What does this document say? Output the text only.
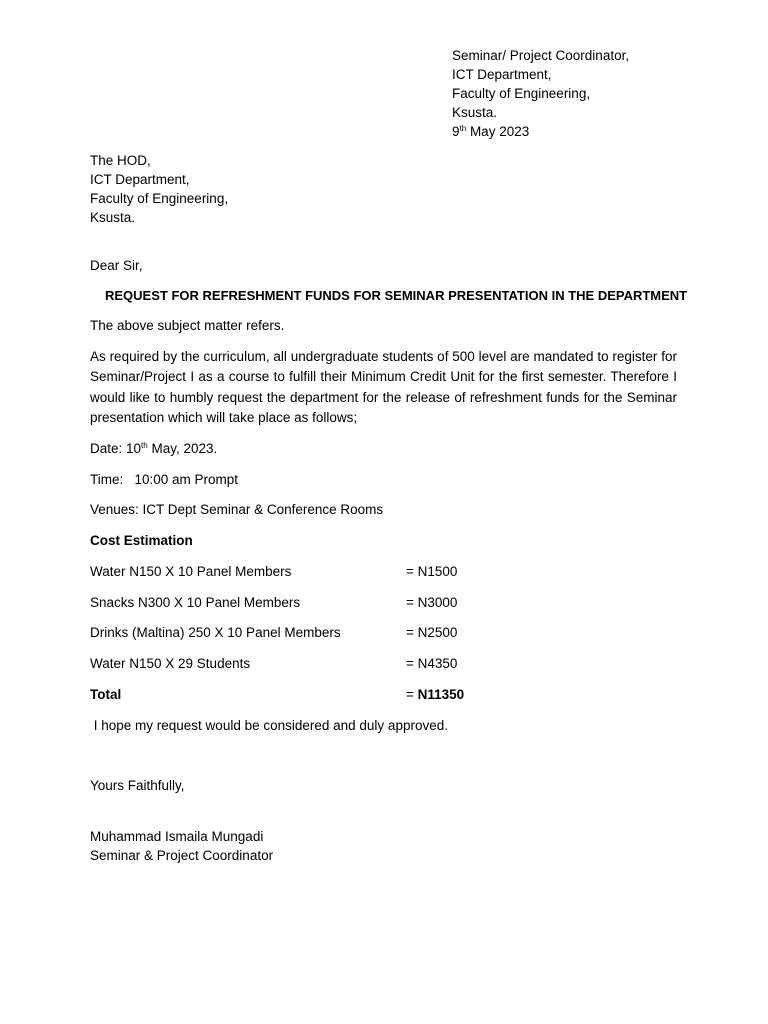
Seminar/ Project Coordinator,
ICT Department,
Faculty of Engineering,
Ksusta.
9th May 2023
The HOD,
ICT Department,
Faculty of Engineering,
Ksusta.
Dear Sir,
REQUEST FOR REFRESHMENT FUNDS FOR SEMINAR PRESENTATION IN THE DEPARTMENT
The above subject matter refers.
As required by the curriculum, all undergraduate students of 500 level are mandated to register for Seminar/Project I as a course to fulfill their Minimum Credit Unit for the first semester. Therefore I would like to humbly request the department for the release of refreshment funds for the Seminar presentation which will take place as follows;
Date: 10th May, 2023.
Time:   10:00 am Prompt
Venues: ICT Dept Seminar & Conference Rooms
Cost Estimation
Water N150 X 10 Panel Members	= N1500
Snacks N300 X 10 Panel Members	= N3000
Drinks (Maltina) 250 X 10 Panel Members	= N2500
Water N150 X 29 Students	= N4350
Total	= N11350
I hope my request would be considered and duly approved.
Yours Faithfully,
Muhammad Ismaila Mungadi
Seminar & Project Coordinator
